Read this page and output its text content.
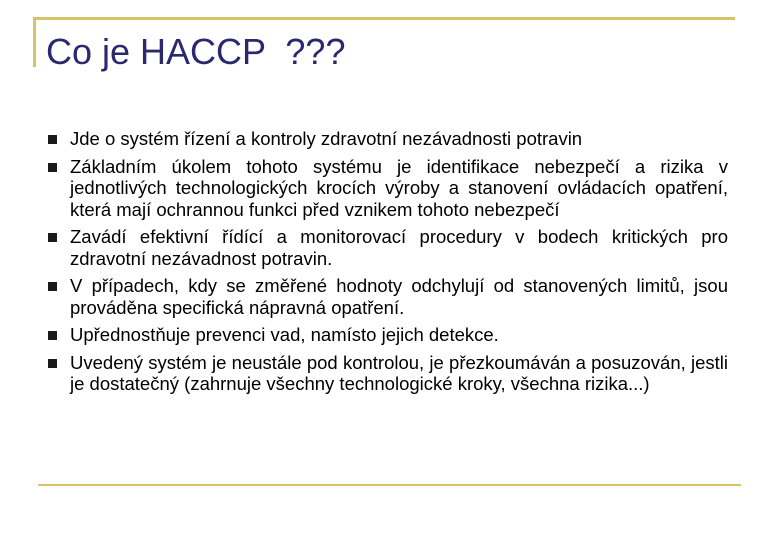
Co je HACCP  ???
Jde o systém řízení a kontroly zdravotní nezávadnosti potravin
Základním úkolem tohoto systému je identifikace nebezpečí a rizika v jednotlivých technologických krocích výroby a stanovení ovládacích opatření, která mají ochrannou funkci před vznikem tohoto nebezpečí
Zavádí efektivní řídící a monitorovací procedury v bodech kritických pro zdravotní nezávadnost potravin.
V případech, kdy se změřené hodnoty odchylují od stanovených limitů, jsou prováděna specifická nápravná opatření.
Upřednostňuje prevenci vad, namísto jejich detekce.
Uvedený systém je neustále pod kontrolou, je přezkoumáván a posuzován, jestli je dostatečný (zahrnuje všechny technologické kroky, všechna rizika...)
